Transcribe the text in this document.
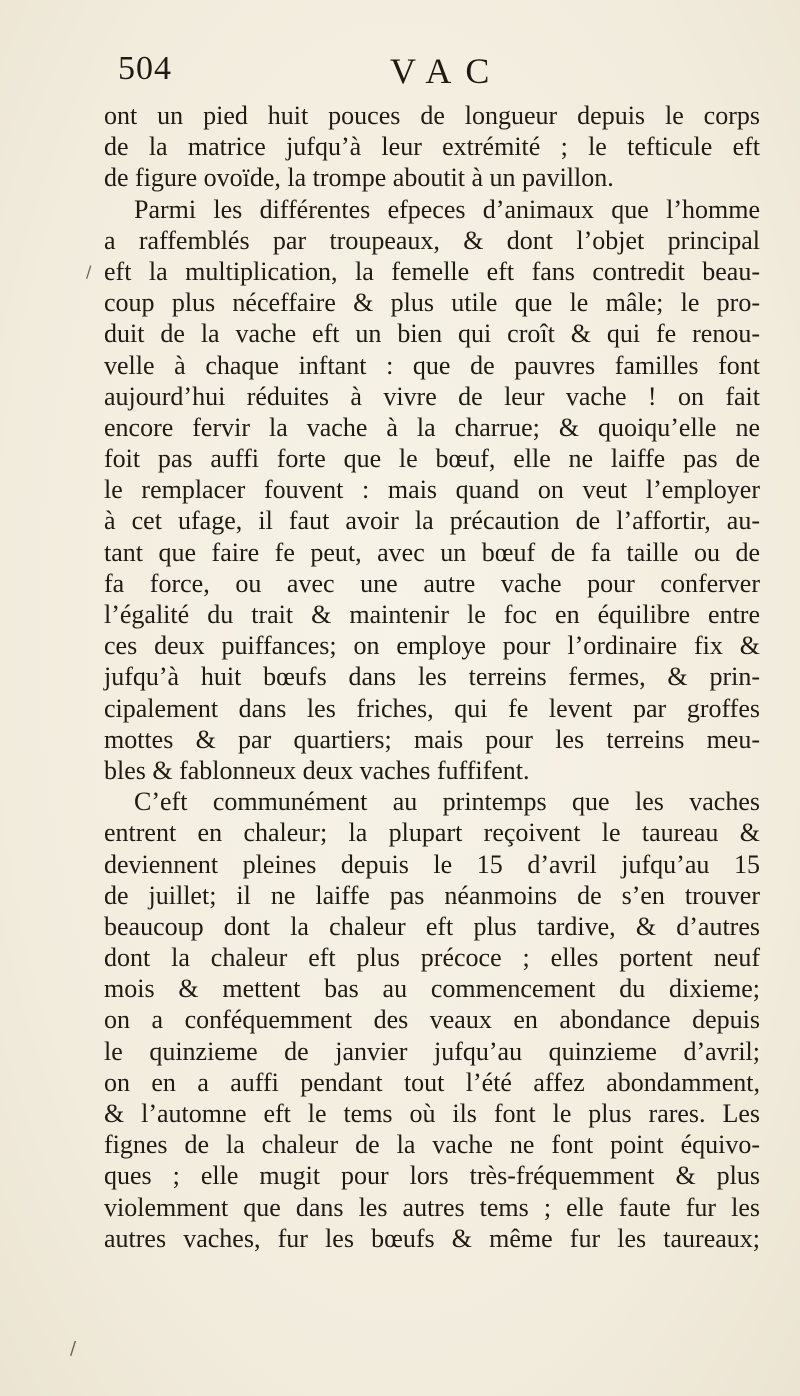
504	VAC
ont un pied huit pouces de longueur depuis le corps
de la matrice jufqu’à leur extrémité ; le tefticule eft
de figure ovoïde, la trompe aboutit à un pavillon.
Parmi les différentes efpeces d’animaux que l’homme
a raffemblés par troupeaux, & dont l’objet principal
eft la multiplication, la femelle eft fans contredit beau-
coup plus néceffaire & plus utile que le mâle; le pro-
duit de la vache eft un bien qui croît & qui fe renou-
velle à chaque inftant : que de pauvres familles font
aujourd’hui réduites à vivre de leur vache ! on fait
encore fervir la vache à la charrue; & quoiqu’elle ne
foit pas auffi forte que le bœuf, elle ne laiffe pas de
le remplacer fouvent : mais quand on veut l’employer
à cet ufage, il faut avoir la précaution de l’affortir, au-
tant que faire fe peut, avec un bœuf de fa taille ou de
fa force, ou avec une autre vache pour conferver
l’égalité du trait & maintenir le foc en équilibre entre
ces deux puiffances; on employe pour l’ordinaire fix &
jufqu’à huit bœufs dans les terreins fermes, & prin-
cipalement dans les friches, qui fe levent par groffes
mottes & par quartiers; mais pour les terreins meu-
bles & fablonneux deux vaches fuffifent.
C’eft communément au printemps que les vaches
entrent en chaleur; la plupart reçoivent le taureau &
deviennent pleines depuis le 15 d’avril jufqu’au 15
de juillet; il ne laiffe pas néanmoins de s’en trouver
beaucoup dont la chaleur eft plus tardive, & d’autres
dont la chaleur eft plus précoce ; elles portent neuf
mois & mettent bas au commencement du dixieme;
on a conféquemment des veaux en abondance depuis
le quinzieme de janvier jufqu’au quinzieme d’avril;
on en a auffi pendant tout l’été affez abondamment,
& l’automne eft le tems où ils font le plus rares. Les
fignes de la chaleur de la vache ne font point équivo-
ques ; elle mugit pour lors très-fréquemment & plus
violemment que dans les autres tems ; elle faute fur les
autres vaches, fur les bœufs & même fur les taureaux;
/
/
